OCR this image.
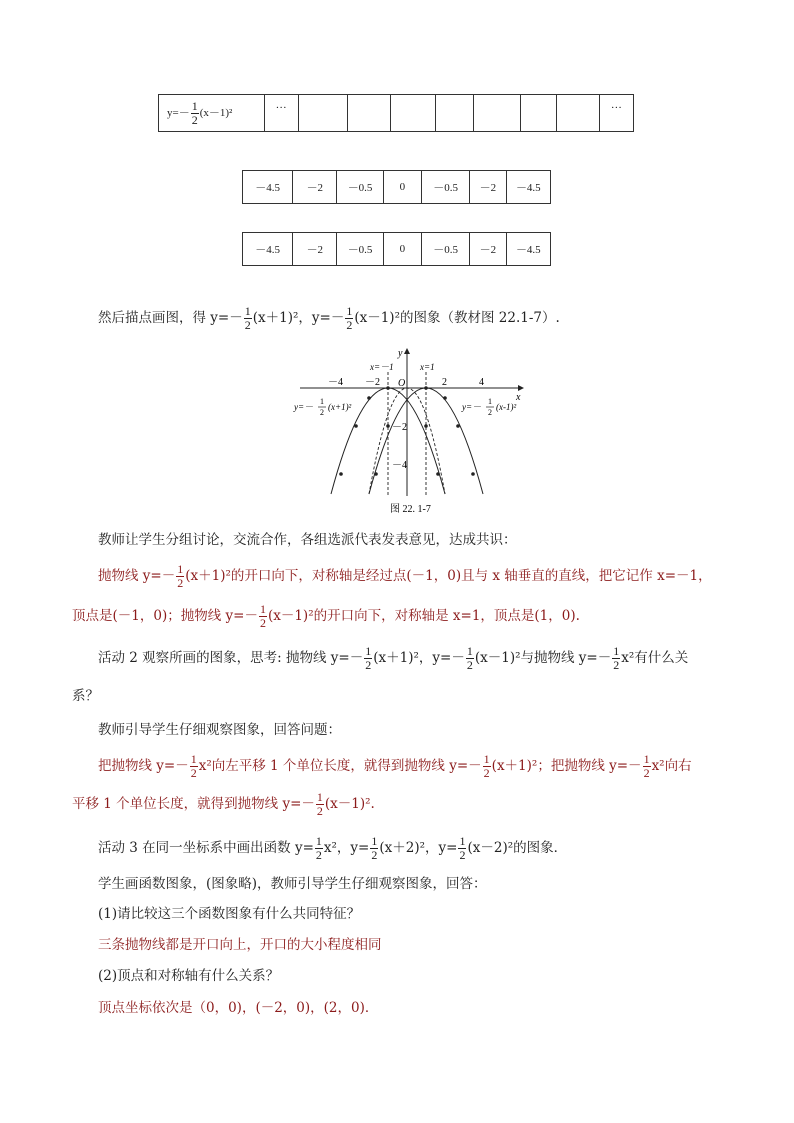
$y=- \frac{1}{2} (x-1)^2$	…								…
－4.5	－2	－0.5	0	－0.5	－2	－4.5
－4.5	－2	－0.5	0	－0.5	－2	－4.5
然后描点画图，得 $y=- \frac{1}{2} (x+1)^2$，$y=- \frac{1}{2} (x-1)^2$的图象（教材图 22.1-7）.
x
y
O
－4 －2	2	4
－2
－4
x=－1	x=1
y=－
1
2
(x+1)²	y=－
1
2
(x-1)²
图 22. 1-7
教师让学生分组讨论，交流合作，各组选派代表发表意见，达成共识：
抛物线 $y=- \frac{1}{2} (x+1)^2$的开口向下，对称轴是经过点(－1，0)且与 x 轴垂直的直线，把它记作 x=－1，
顶点是(－1，0)；抛物线 $y=- \frac{1}{2} (x-1)^2$的开口向下，对称轴是 x=1，顶点是(1，0).
活动 2 观察所画的图象，思考: 抛物线 $y=- \frac{1}{2} (x+1)^2$，$y=- \frac{1}{2} (x-1)^2$与抛物线 $y=- \frac{1}{2} x^2$有什么关
系？
教师引导学生仔细观察图象，回答问题：
把抛物线 $y=- \frac{1}{2} x^2$向左平移 1 个单位长度，就得到抛物线 $y=- \frac{1}{2} (x+1)^2$；把抛物线 $y=- \frac{1}{2} x^2$向右
平移 1 个单位长度，就得到抛物线 $y=- \frac{1}{2} (x-1)^2$.
活动 3 在同一坐标系中画出函数 $y= \frac{1}{2} x^2$，$y= \frac{1}{2} (x+2)^2$，$y= \frac{1}{2} (x-2)^2$的图象．
学生画函数图象，(图象略)，教师引导学生仔细观察图象，回答：
(1)请比较这三个函数图象有什么共同特征？
三条抛物线都是开口向上，开口的大小程度相同
(2)顶点和对称轴有什么关系？
顶点坐标依次是（0，0)，(－2，0)，(2，0)．
